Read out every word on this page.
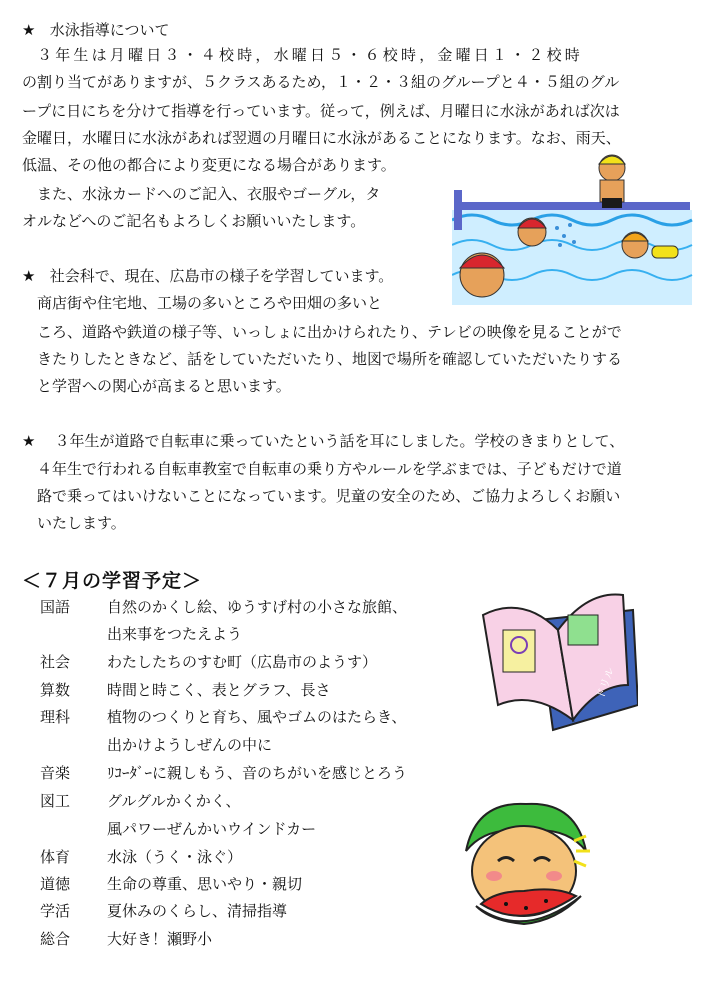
★ 水泳指導について
３年生は月曜日３・４校時，水曜日５・６校時，金曜日１・２校時
の割り当てがありますが、５クラスあるため，１・２・３組のグループと４・５組のグル
ープに日にちを分けて指導を行っています。従って，例えば、月曜日に水泳があれば次は
金曜日，水曜日に水泳があれば翌週の月曜日に水泳があることになります。なお、雨天、
低温、その他の都合により変更になる場合があります。
また、水泳カードへのご記入、衣服やゴーグル，タ
オルなどへのご記名もよろしくお願いいたします。
★ 社会科で、現在、広島市の様子を学習しています。
商店街や住宅地、工場の多いところや田畑の多いと
ころ、道路や鉄道の様子等、いっしょに出かけられたり、テレビの映像を見ることがで
きたりしたときなど、話をしていただいたり、地図で場所を確認していただいたりする
と学習への関心が高まると思います。
★ ３年生が道路で自転車に乗っていたという話を耳にしました。学校のきまりとして、
４年生で行われる自転車教室で自転車の乗り方やルールを学ぶまでは、子どもだけで道
路で乗ってはいけないことになっています。児童の安全のため、ご協力よろしくお願い
いたします。
＜７月の学習予定＞
国語	自然のかくし絵、ゆうすげ村の小さな旅館、
出来事をつたえよう
社会	わたしたちのすむ町（広島市のようす）
算数	時間と時こく、表とグラフ、長さ
理科	植物のつくりと育ち、風やゴムのはたらき、
出かけようしぜんの中に
音楽	ﾘｺｰﾀﾞｰに親しもう、音のちがいを感じとろう
図工	グルグルかくかく、
風パワーぜんかいウインドカー
体育	水泳（うく・泳ぐ）
道徳	生命の尊重、思いやり・親切
学活	夏休みのくらし、清掃指導
総合	大好き！瀬野小
ドリル
